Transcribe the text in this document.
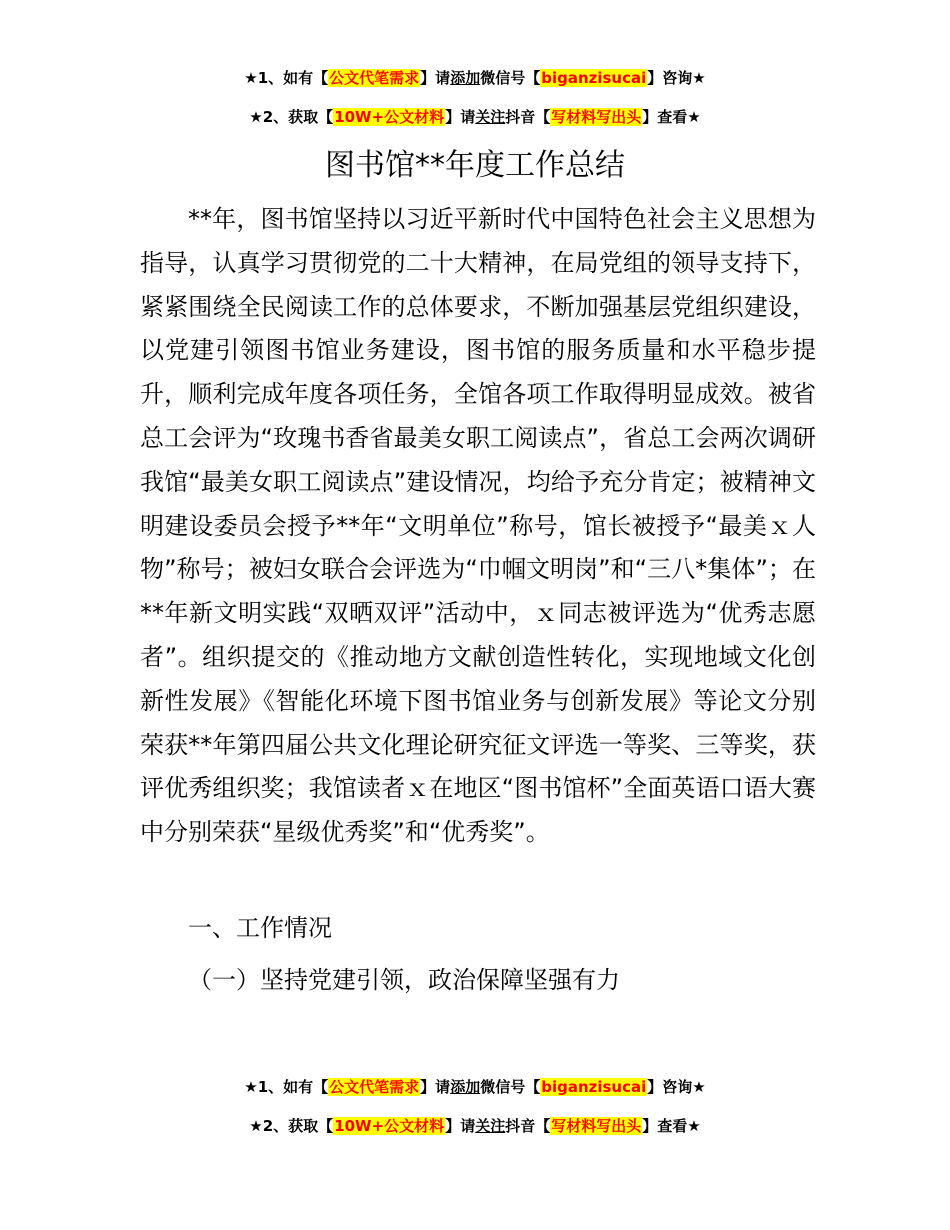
★1、如有【公文代笔需求】请添加微信号【biganzisucai】咨询★
★2、获取【10W+公文材料】请关注抖音【写材料写出头】查看★
图书馆**年度工作总结

**年，图书馆坚持以习近平新时代中国特色社会主义思想为指导，认真学习贯彻党的二十大精神，在局党组的领导支持下，紧紧围绕全民阅读工作的总体要求，不断加强基层党组织建设，以党建引领图书馆业务建设，图书馆的服务质量和水平稳步提升，顺利完成年度各项任务，全馆各项工作取得明显成效。被省总工会评为“玫瑰书香省最美女职工阅读点”，省总工会两次调研我馆“最美女职工阅读点”建设情况，均给予充分肯定；被精神文明建设委员会授予**年“文明单位”称号，馆长被授予“最美ｘ人物”称号；被妇女联合会评选为“巾帼文明岗”和“三八*集体”；在**年新文明实践“双晒双评”活动中，ｘ同志被评选为“优秀志愿者”。组织提交的《推动地方文献创造性转化，实现地域文化创新性发展》《智能化环境下图书馆业务与创新发展》等论文分别荣获**年第四届公共文化理论研究征文评选一等奖、三等奖，获评优秀组织奖；我馆读者ｘ在地区“图书馆杯”全面英语口语大赛中分别荣获“星级优秀奖”和“优秀奖”。

一、工作情况

（一）坚持党建引领，政治保障坚强有力

★1、如有【公文代笔需求】请添加微信号【biganzisucai】咨询★
★2、获取【10W+公文材料】请关注抖音【写材料写出头】查看★
